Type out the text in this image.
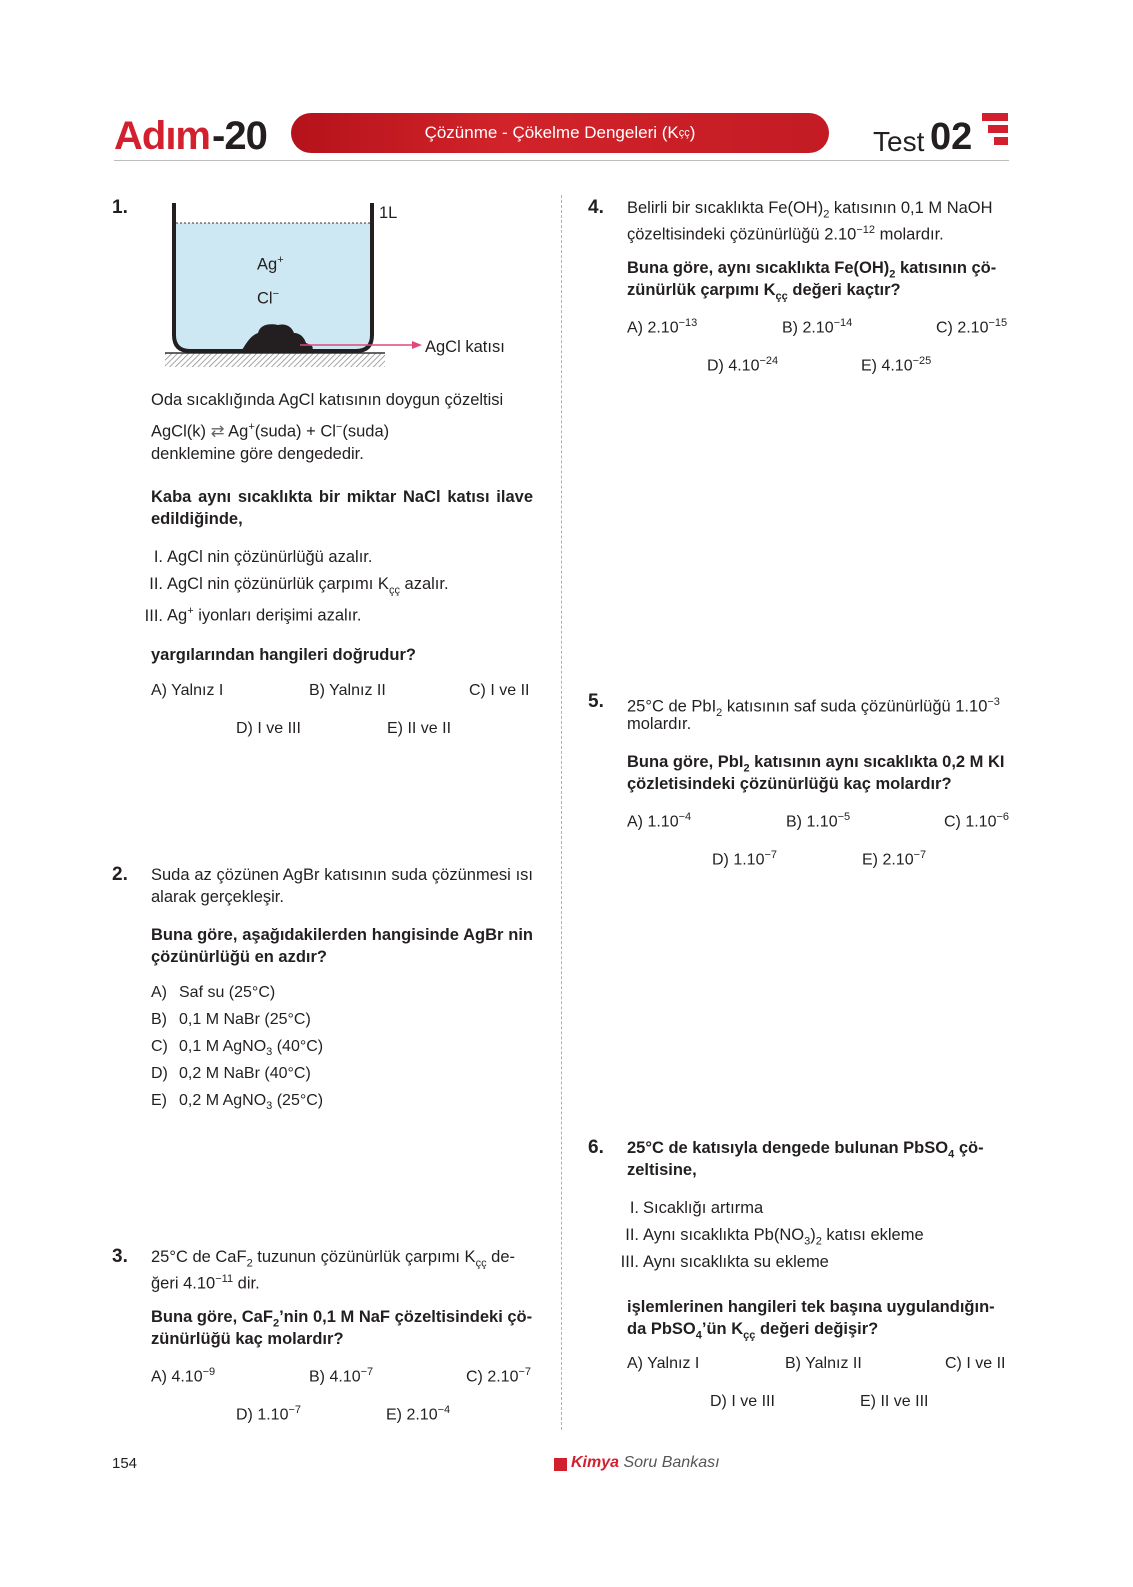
Adım -20	Çözünme - Çökelme Dengeleri (K çç )	Test 02
1.	1L
Ag+
Cl−
AgCl katısı
Oda sıcaklığında AgCl katısının doygun çözeltisi
AgCl(k) ⇄ Ag+(suda) + Cl−(suda)
denklemine göre dengededir.
Kaba aynı sıcaklıkta bir miktar NaCl katısı ilave edildiğinde,
I. AgCl nin çözünürlüğü azalır.
II. AgCl nin çözünürlük çarpımı $K_{çç}$ azalır.
III. Ag+ iyonları derişimi azalır.
yargılarından hangileri doğrudur?
A) Yalnız I	B) Yalnız II	C) I ve II
D) I ve III	E) II ve II
2. Suda az çözünen AgBr katısının suda çözünmesi ısı alarak gerçekleşir.
Buna göre, aşağıdakilerden hangisinde AgBr nin çözünürlüğü en azdır?
A) Saf su (25°C)
B) 0,1 M NaBr (25°C)
C) 0,1 M AgNO$_3$ (40°C)
D) 0,2 M NaBr (40°C)
E) 0,2 M AgNO$_3$ (25°C)
3. 25°C de CaF$_2$ tuzunun çözünürlük çarpımı $K_{çç}$ de-
ğeri $4.10^{-11}$ dir.
Buna göre, CaF$_2$’nin 0,1 M NaF çözeltisindeki çö-
zünürlüğü kaç molardır?
A) $4.10^{-9}$	B) $4.10^{-7}$	C) $2.10^{-7}$
D) $1.10^{-7}$	E) $2.10^{-4}$
4. Belirli bir sıcaklıkta $Fe(OH)_2$ katısının 0,1 M NaOH
çözeltisindeki çözünürlüğü $2.10^{-12}$ molardır.
Buna göre, aynı sıcaklıkta $Fe(OH)_2$ katısının çö-
zünürlük çarpımı $K_{çç}$ değeri kaçtır?
A) $2.10^{-13}$	B) $2.10^{-14}$	C) $2.10^{-15}$
D) $4.10^{-24}$	E) $4.10^{-25}$
5. 25°C de PbI$_2$ katısının saf suda çözünürlüğü $1.10^{-3}$
molardır.
Buna göre, PbI$_2$ katısının aynı sıcaklıkta 0,2 M KI
çözletisindeki çözünürlüğü kaç molardır?
A) $1.10^{-4}$	B) $1.10^{-5}$	C) $1.10^{-6}$
D) $1.10^{-7}$	E) $2.10^{-7}$
6. 25°C de katısıyla dengede bulunan PbSO$_4$ çö-
zeltisine,
I. Sıcaklığı artırma
II. Aynı sıcaklıkta $Pb(NO_3)_2$ katısı ekleme
III. Aynı sıcaklıkta su ekleme
işlemlerinen hangileri tek başına uygulandığın-
da PbSO$_4$’ün $K_{çç}$ değeri değişir?
A) Yalnız I	B) Yalnız II	C) I ve II
D) I ve III	E) II ve III
154	Kimya Soru Bankası
